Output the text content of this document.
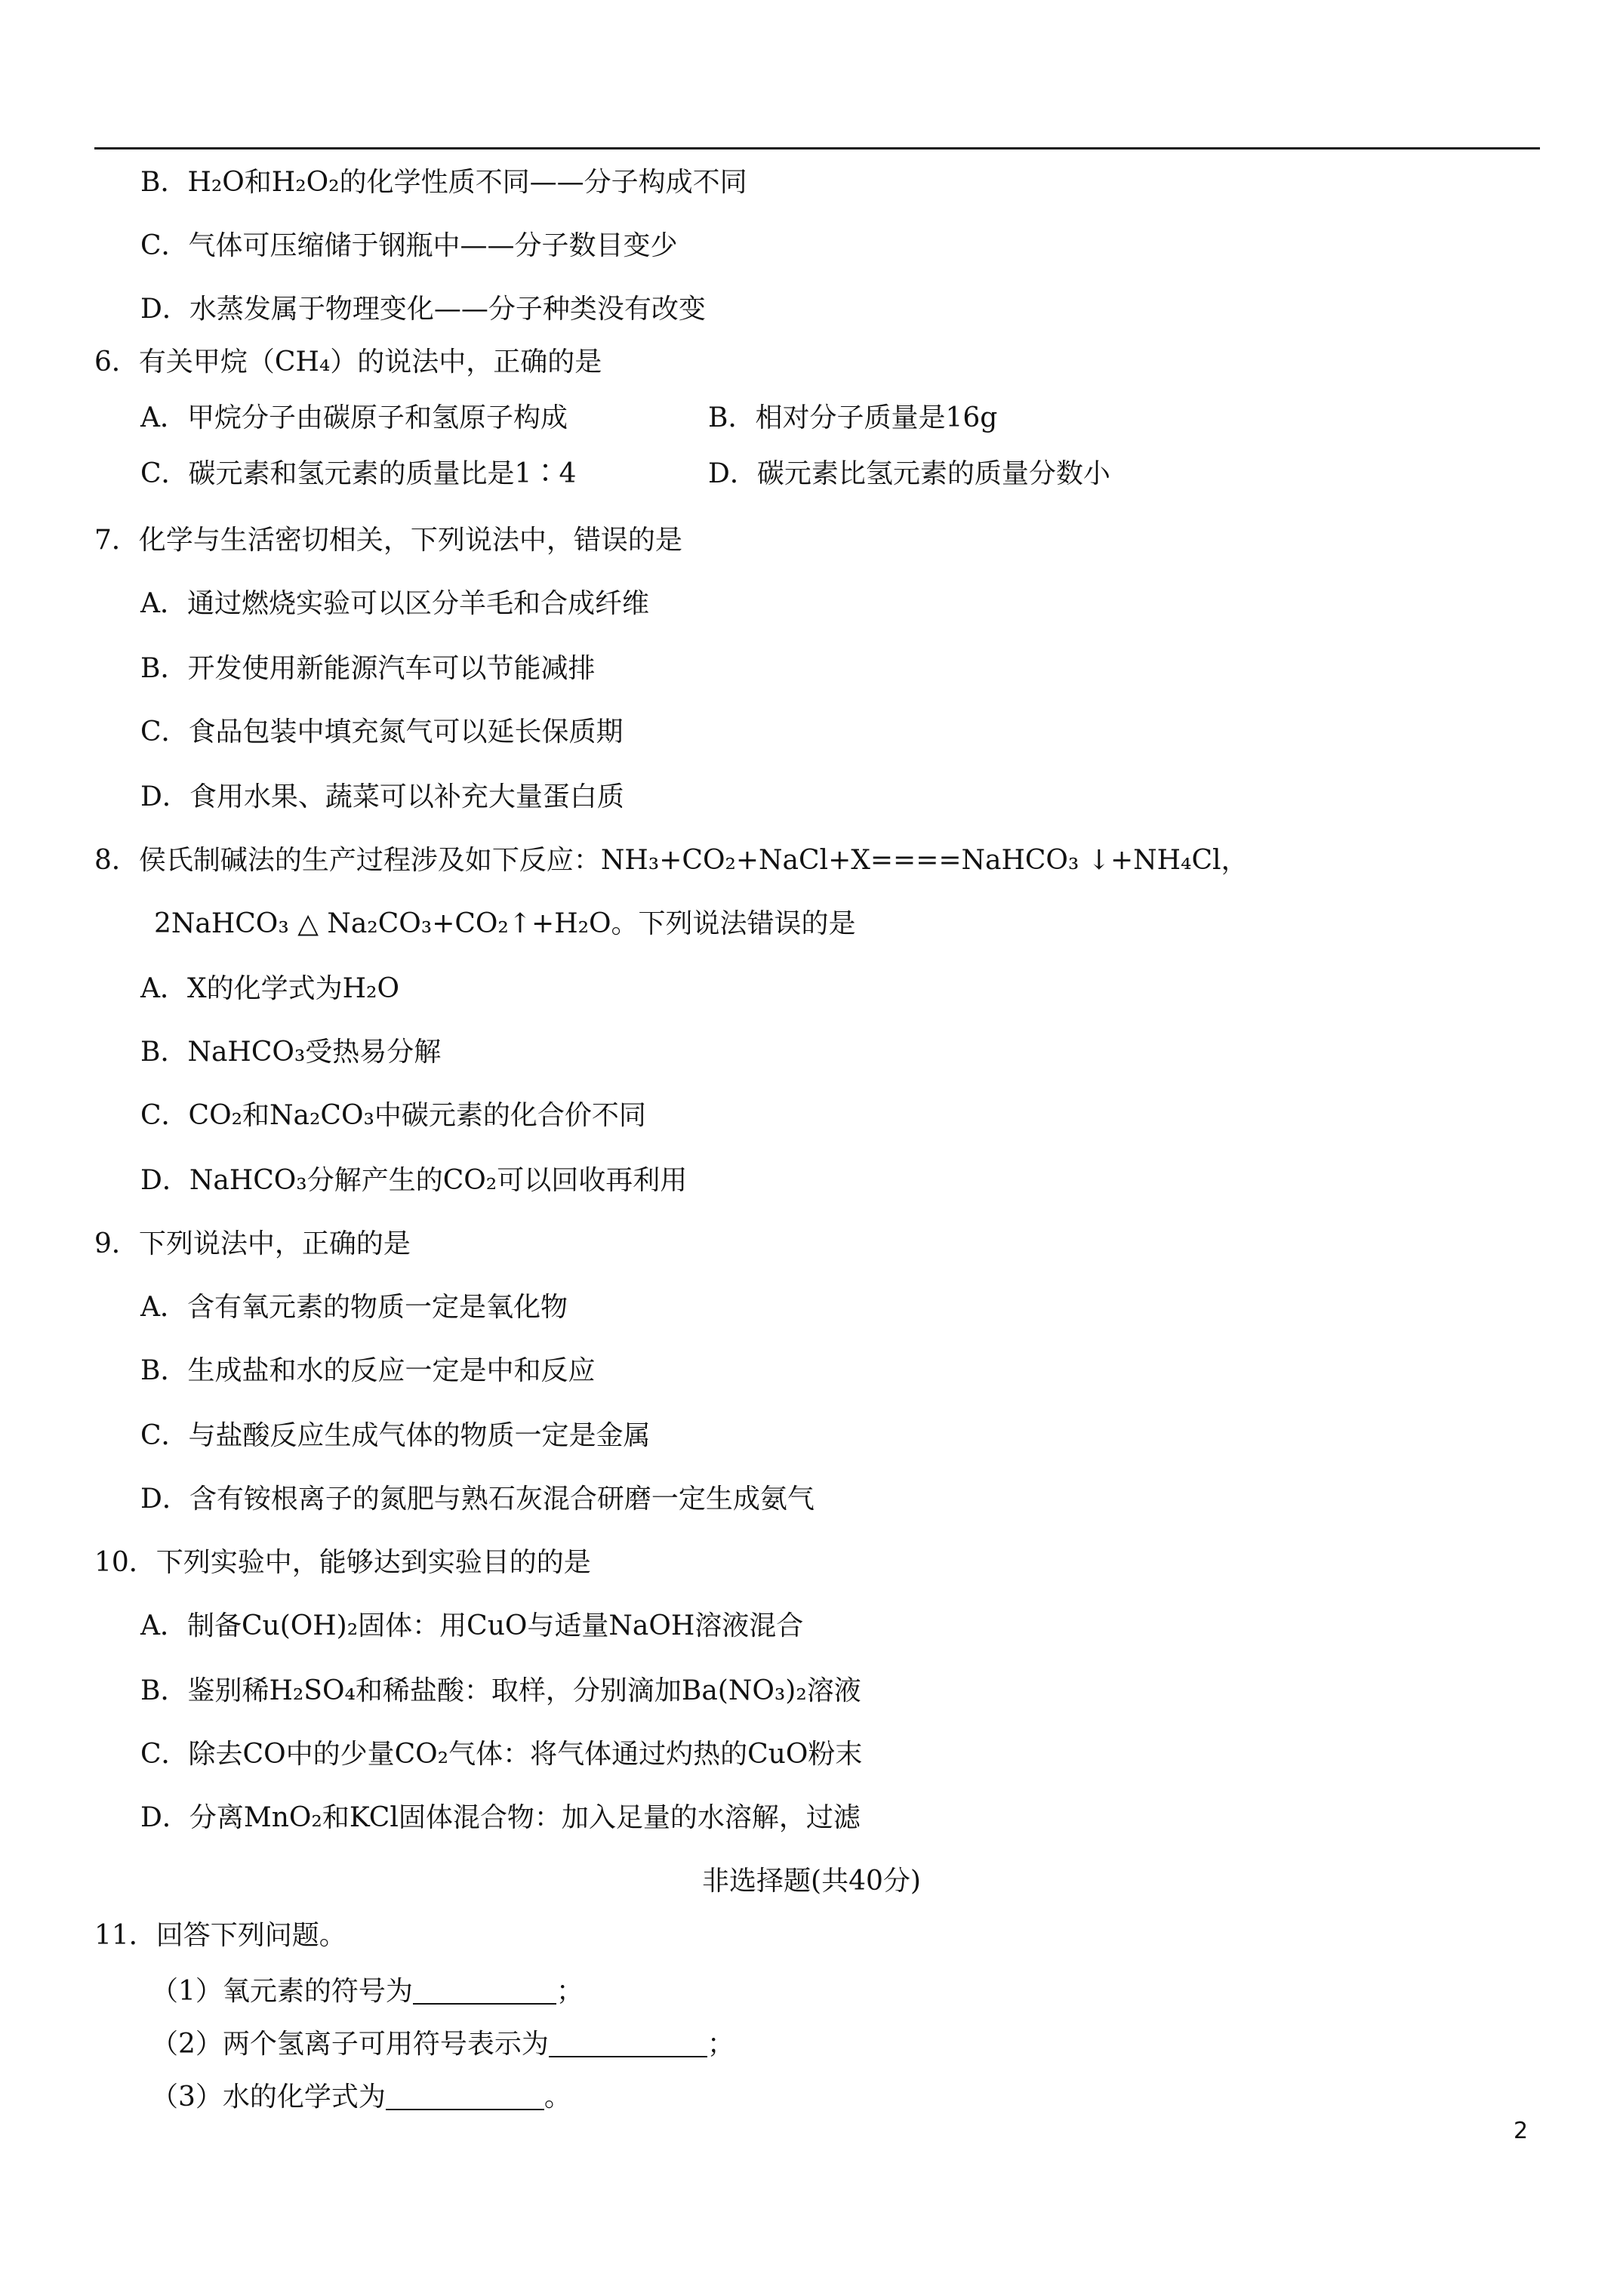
B．H₂O和H₂O₂的化学性质不同——分子构成不同
C．气体可压缩储于钢瓶中——分子数目变少
D．水蒸发属于物理变化——分子种类没有改变
6．有关甲烷（CH₄）的说法中，正确的是
A．甲烷分子由碳原子和氢原子构成	B．相对分子质量是16g
C．碳元素和氢元素的质量比是1∶4	D．碳元素比氢元素的质量分数小
7．化学与生活密切相关，下列说法中，错误的是
A．通过燃烧实验可以区分羊毛和合成纤维
B．开发使用新能源汽车可以节能减排
C．食品包装中填充氮气可以延长保质期
D．食用水果、蔬菜可以补充大量蛋白质
8．侯氏制碱法的生产过程涉及如下反应：NH₃+CO₂+NaCl+X====NaHCO₃ ↓+NH₄Cl，
2NaHCO₃ △ Na₂CO₃+CO₂↑+H₂O。下列说法错误的是
A．X的化学式为H₂O
B．NaHCO₃受热易分解
C．CO₂和Na₂CO₃中碳元素的化合价不同
D．NaHCO₃分解产生的CO₂可以回收再利用
9．下列说法中，正确的是
A．含有氧元素的物质一定是氧化物
B．生成盐和水的反应一定是中和反应
C．与盐酸反应生成气体的物质一定是金属
D．含有铵根离子的氮肥与熟石灰混合研磨一定生成氨气
10．下列实验中，能够达到实验目的的是
A．制备Cu(OH)₂固体：用CuO与适量NaOH溶液混合
B．鉴别稀H₂SO₄和稀盐酸：取样，分别滴加Ba(NO₃)₂溶液
C．除去CO中的少量CO₂气体：将气体通过灼热的CuO粉末
D．分离MnO₂和KCl固体混合物：加入足量的水溶解，过滤
非选择题(共40分)
11．回答下列问题。
（1）氧元素的符号为	；
（2）两个氢离子可用符号表示为	；
（3）水的化学式为	。
2
